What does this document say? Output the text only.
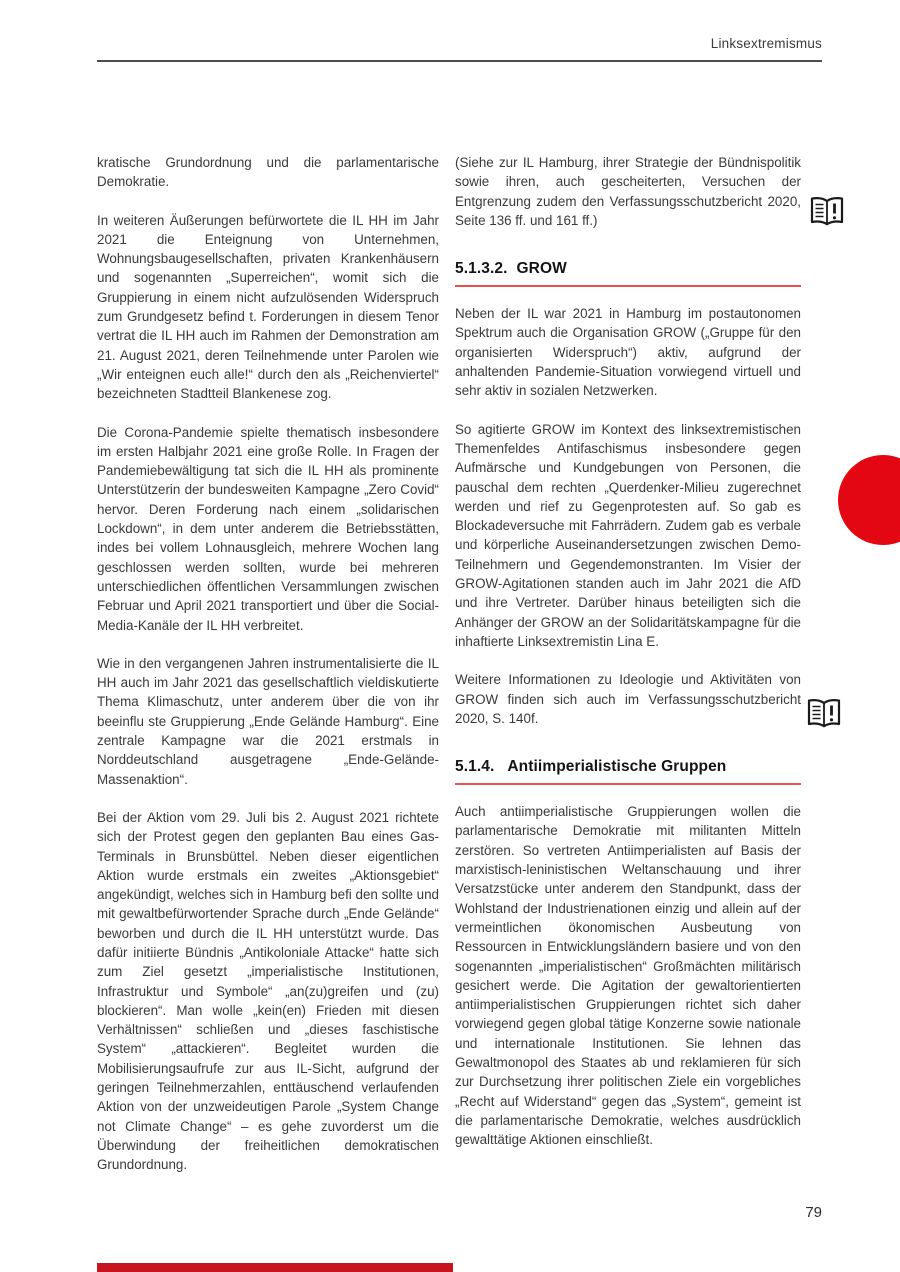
Linksextremismus

kratische Grundordnung und die parlamentarische Demokratie.

In weiteren Äußerungen befürwortete die IL HH im Jahr 2021 die Enteignung von Unternehmen, Wohnungsbaugesellschaften, privaten Krankenhäusern und sogenannten „Superreichen“, womit sich die Gruppierung in einem nicht aufzulösenden Widerspruch zum Grundgesetz befind t. Forderungen in diesem Tenor vertrat die IL HH auch im Rahmen der Demonstration am 21. August 2021, deren Teilnehmende unter Parolen wie „Wir enteignen euch alle!“ durch den als „Reichenviertel“ bezeichneten Stadtteil Blankenese zog.

Die Corona-Pandemie spielte thematisch insbesondere im ersten Halbjahr 2021 eine große Rolle. In Fragen der Pandemiebewältigung tat sich die IL HH als prominente Unterstützerin der bundesweiten Kampagne „Zero Covid“ hervor. Deren Forderung nach einem „solidarischen Lockdown“, in dem unter anderem die Betriebsstätten, indes bei vollem Lohnausgleich, mehrere Wochen lang geschlossen werden sollten, wurde bei mehreren unterschiedlichen öffentlichen Versammlungen zwischen Februar und April 2021 transportiert und über die Social-Media-Kanäle der IL HH verbreitet.

Wie in den vergangenen Jahren instrumentalisierte die IL HH auch im Jahr 2021 das gesellschaftlich vieldiskutierte Thema Klimaschutz, unter anderem über die von ihr beeinflu ste Gruppierung „Ende Gelände Hamburg“. Eine zentrale Kampagne war die 2021 erstmals in Norddeutschland ausgetragene „Ende-Gelände-Massenaktion“.

Bei der Aktion vom 29. Juli bis 2. August 2021 richtete sich der Protest gegen den geplanten Bau eines Gas-Terminals in Brunsbüttel. Neben dieser eigentlichen Aktion wurde erstmals ein zweites „Aktionsgebiet“ angekündigt, welches sich in Hamburg befi den sollte und mit gewaltbefürwortender Sprache durch „Ende Gelände“ beworben und durch die IL HH unterstützt wurde. Das dafür initiierte Bündnis „Antikoloniale Attacke“ hatte sich zum Ziel gesetzt „imperialistische Institutionen, Infrastruktur und Symbole“ „an(zu)greifen und (zu) blockieren“. Man wolle „kein(en) Frieden mit diesen Verhältnissen“ schließen und „dieses faschistische System“ „attackieren“. Begleitet wurden die Mobilisierungsaufrufe zur aus IL-Sicht, aufgrund der geringen Teilnehmerzahlen, enttäuschend verlaufenden Aktion von der unzweideutigen Parole „System Change not Climate Change“ – es gehe zuvorderst um die Überwindung der freiheitlichen demokratischen Grundordnung.

(Siehe zur IL Hamburg, ihrer Strategie der Bündnispolitik sowie ihren, auch gescheiterten, Versuchen der Entgrenzung zudem den Verfassungsschutzbericht 2020, Seite 136 ff. und 161 ff.)

5.1.3.2. GROW

Neben der IL war 2021 in Hamburg im postautonomen Spektrum auch die Organisation GROW („Gruppe für den organisierten Widerspruch“) aktiv, aufgrund der anhaltenden Pandemie-Situation vorwiegend virtuell und sehr aktiv in sozialen Netzwerken.

So agitierte GROW im Kontext des linksextremistischen Themenfeldes Antifaschismus insbesondere gegen Aufmärsche und Kundgebungen von Personen, die pauschal dem rechten „Querdenker-Milieu zugerechnet werden und rief zu Gegenprotesten auf. So gab es Blockadeversuche mit Fahrrädern. Zudem gab es verbale und körperliche Auseinandersetzungen zwischen Demo-Teilnehmern und Gegendemonstranten. Im Visier der GROW-Agitationen standen auch im Jahr 2021 die AfD und ihre Vertreter. Darüber hinaus beteiligten sich die Anhänger der GROW an der Solidaritätskampagne für die inhaftierte Linksextremistin Lina E.

Weitere Informationen zu Ideologie und Aktivitäten von GROW finden sich auch im Verfassungsschutzbericht 2020, S. 140f.

5.1.4. Antiimperialistische Gruppen

Auch antiimperialistische Gruppierungen wollen die parlamentarische Demokratie mit militanten Mitteln zerstören. So vertreten Antiimperialisten auf Basis der marxistisch-leninistischen Weltanschauung und ihrer Versatzstücke unter anderem den Standpunkt, dass der Wohlstand der Industrienationen einzig und allein auf der vermeintlichen ökonomischen Ausbeutung von Ressourcen in Entwicklungsländern basiere und von den sogenannten „imperialistischen“ Großmächten militärisch gesichert werde. Die Agitation der gewaltorientierten antiimperialistischen Gruppierungen richtet sich daher vorwiegend gegen global tätige Konzerne sowie nationale und internationale Institutionen. Sie lehnen das Gewaltmonopol des Staates ab und reklamieren für sich zur Durchsetzung ihrer politischen Ziele ein vorgebliches „Recht auf Widerstand“ gegen das „System“, gemeint ist die parlamentarische Demokratie, welches ausdrücklich gewalttätige Aktionen einschließt.

79
